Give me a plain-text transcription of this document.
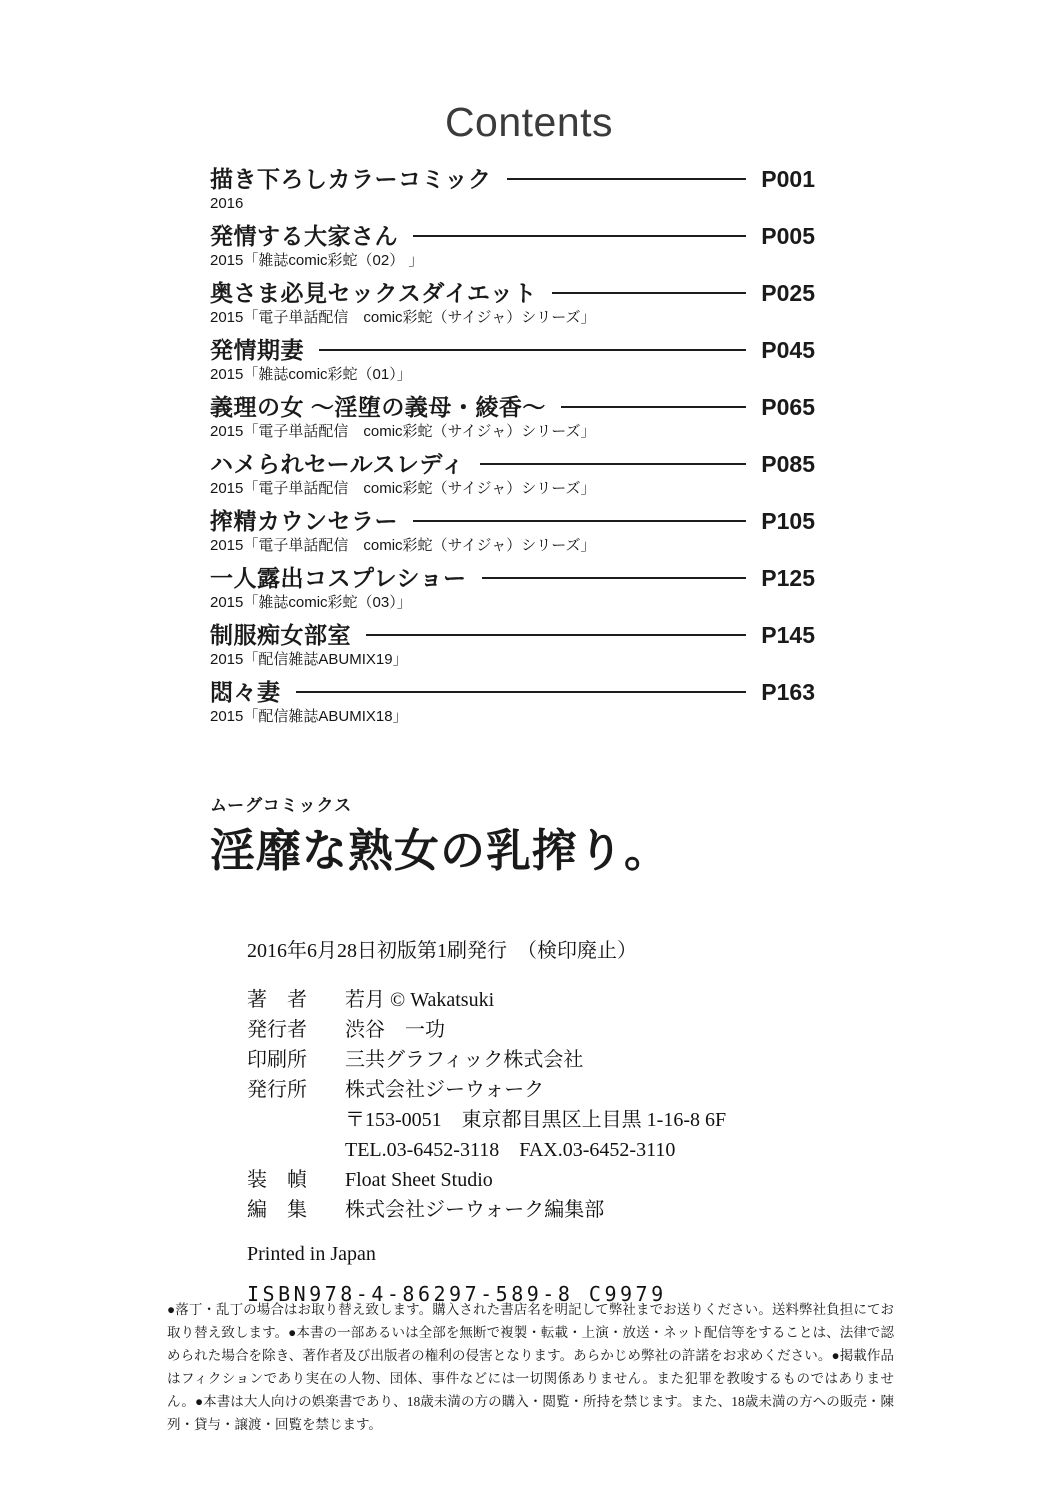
Contents
描き下ろしカラーコミック	P001
2016
発情する大家さん	P005
2015「雑誌comic彩蛇（02） 」
奥さま必見セックスダイエット	P025
2015「電子単話配信　comic彩蛇（サイジャ）シリーズ」
発情期妻	P045
2015「雑誌comic彩蛇（01）」
義理の女 ～淫堕の義母・綾香～	P065
2015「電子単話配信　comic彩蛇（サイジャ）シリーズ」
ハメられセールスレディ	P085
2015「電子単話配信　comic彩蛇（サイジャ）シリーズ」
搾精カウンセラー	P105
2015「電子単話配信　comic彩蛇（サイジャ）シリーズ」
一人露出コスプレショー	P125
2015「雑誌comic彩蛇（03）」
制服痴女部室	P145
2015「配信雑誌ABUMIX19」
悶々妻	P163
2015「配信雑誌ABUMIX18」
ムーグコミックス
淫靡な熟女の乳搾り。
2016年6月28日初版第1刷発行　（検印廃止）
著　者	若月 © Wakatsuki
発行者	渋谷　一功
印刷所	三共グラフィック株式会社
発行所	株式会社ジーウォーク
〒153-0051　東京都目黒区上目黒 1-16-8 6F
TEL.03-6452-3118　FAX.03-6452-3110
装　幀	Float Sheet Studio
編　集	株式会社ジーウォーク編集部
Printed in Japan
ISBN978-4-86297-589-8 C9979
●落丁・乱丁の場合はお取り替え致します。購入された書店名を明記して弊社までお送りください。送料弊社負担にてお取り替え致します。●本書の一部あるいは全部を無断で複製・転載・上演・放送・ネット配信等をすることは、法律で認められた場合を除き、著作者及び出版者の権利の侵害となります。あらかじめ弊社の許諾をお求めください。●掲載作品はフィクションであり実在の人物、団体、事件などには一切関係ありません。また犯罪を教唆するものではありません。●本書は大人向けの娯楽書であり、18歳未満の方の購入・閲覧・所持を禁じます。また、18歳未満の方への販売・陳列・貸与・譲渡・回覧を禁じます。
